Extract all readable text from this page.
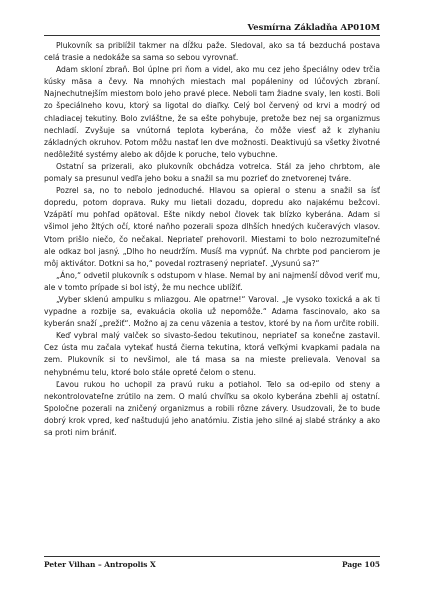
Vesmírna Základňa AP010M

Plukovník sa priblížil takmer na dĺžku paže. Sledoval, ako sa tá bezduchá postava celá trasie a nedokáže sa sama so sebou vyrovnať.

Adam skloní zbraň. Bol úplne pri ňom a videl, ako mu cez jeho špeciálny odev trčia kúsky mäsa a čevy. Na mnohých miestach mal popáleniny od lúčových zbraní. Najnechutnejším miestom bolo jeho pravé plece. Neboli tam žiadne svaly, len kosti. Boli zo špeciálneho kovu, ktorý sa ligotal do diaľky. Celý bol červený od krvi a modrý od chladiacej tekutiny. Bolo zvláštne, že sa ešte pohybuje, pretože bez nej sa organizmus nechladí. Zvyšuje sa vnútorná teplota kyberána, čo môže viesť až k zlyhaniu základných okruhov. Potom môžu nastať len dve možnosti. Deaktivujú sa všetky životné nedôležité systémy alebo ak dôjde k poruche, telo vybuchne.

Ostatní sa prizerali, ako plukovník obchádza votrelca. Stál za jeho chrbtom, ale pomaly sa presunul vedľa jeho boku a snažil sa mu pozrieť do znetvorenej tváre.

Pozrel sa, no to nebolo jednoduché. Hlavou sa opieral o stenu a snažil sa ísť dopredu, potom doprava. Ruky mu lietali dozadu, dopredu ako najakému bežcovi. Vzápätí mu pohľad opätoval. Ešte nikdy nebol človek tak blízko kyberána. Adam si všimol jeho žltých očí, ktoré naňho pozerali spoza dlhších hnedých kučeravých vlasov. Vtom prišlo niečo, čo nečakal. Nepriateľ prehovoril. Miestami to bolo nezrozumiteľné ale odkaz bol jasný. „Dlho ho neudržím. Musíš ma vypnúť. Na chrbte pod pancierom je môj aktivátor. Dotkni sa ho,“ povedal roztrasený nepriateľ. „Vysunú sa?“

„Áno,“ odvetil plukovník s odstupom v hlase. Nemal by ani najmenší dôvod veriť mu, ale v tomto prípade si bol istý, že mu nechce ublížiť.

„Vyber sklenú ampulku s mliazgou. Ale opatrne!“ Varoval. „Je vysoko toxická a ak ti vypadne a rozbije sa, evakuácia okolia už nepomôže.“ Adama fascinovalo, ako sa kyberán snaží „prežiť“. Možno aj za cenu väzenia a testov, ktoré by na ňom určite robili.

Keď vybral malý valček so sivasto-šedou tekutinou, nepriateľ sa konečne zastavil. Cez ústa mu začala vytekať hustá čierna tekutina, ktorá veľkými kvapkami padala na zem. Plukovník si to nevšimol, ale tá masa sa na mieste prelievala. Venoval sa nehybnému telu, ktoré bolo stále opreté čelom o stenu.

Ľavou rukou ho uchopil za pravú ruku a potiahol. Telo sa od-epilo od steny a nekontrolovateľne zrútilo na zem. O malú chvíľku sa okolo kyberána zbehli aj ostatní. Spoločne pozerali na zničený organizmus a robili rôzne závery. Usudzovali, že to bude dobrý krok vpred, keď naštudujú jeho anatómiu. Zistia jeho silné aj slabé stránky a ako sa proti nim brániť.

Peter Vilhan – Antropolis X	Page 105
